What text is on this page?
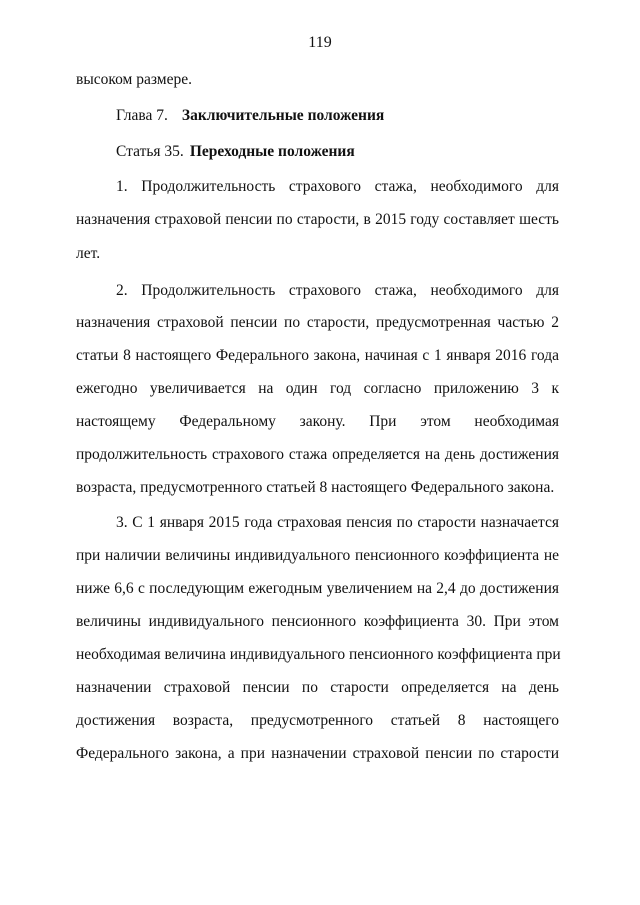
119
высоком размере.
Глава 7. Заключительные положения
Статья 35. Переходные положения
1. Продолжительность страхового стажа, необходимого для
назначения страховой пенсии по старости, в 2015 году составляет шесть
лет.
2. Продолжительность страхового стажа, необходимого для
назначения страховой пенсии по старости, предусмотренная частью 2
статьи 8 настоящего Федерального закона, начиная с 1 января 2016 года
ежегодно увеличивается на один год согласно приложению 3 к
настоящему Федеральному закону. При этом необходимая
продолжительность страхового стажа определяется на день достижения
возраста, предусмотренного статьей 8 настоящего Федерального закона.
3. С 1 января 2015 года страховая пенсия по старости назначается
при наличии величины индивидуального пенсионного коэффициента не
ниже 6,6 с последующим ежегодным увеличением на 2,4 до достижения
величины индивидуального пенсионного коэффициента 30. При этом
необходимая величина индивидуального пенсионного коэффициента при
назначении страховой пенсии по старости определяется на день
достижения возраста, предусмотренного статьей 8 настоящего
Федерального закона, а при назначении страховой пенсии по старости
